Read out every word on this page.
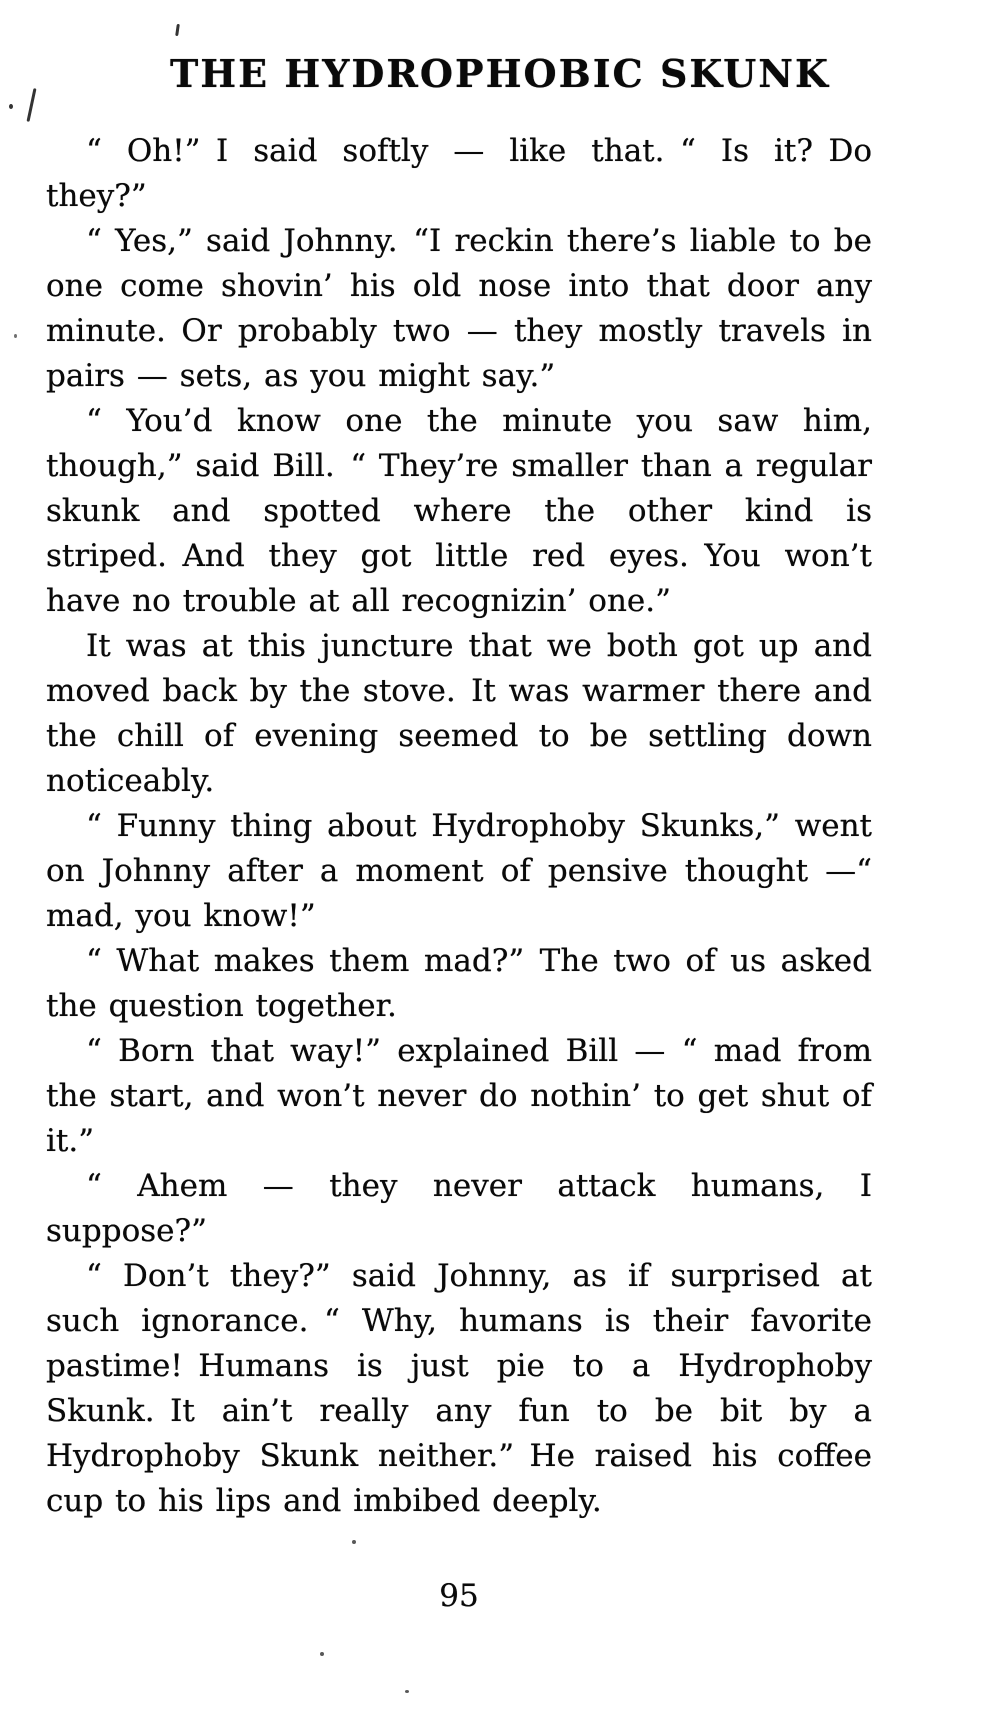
THE HYDROPHOBIC SKUNK

“ Oh!” I said softly — like that. “ Is it? Do they?”

“ Yes,” said Johnny. “I reckin there’s liable to be one come shovin’ his old nose into that door any minute. Or probably two — they mostly travels in pairs — sets, as you might say.”

“ You’d know one the minute you saw him, though,” said Bill. “ They’re smaller than a regular skunk and spotted where the other kind is striped. And they got little red eyes. You won’t have no trouble at all recognizin’ one.”

It was at this juncture that we both got up and moved back by the stove. It was warmer there and the chill of evening seemed to be settling down noticeably.

“ Funny thing about Hydrophoby Skunks,” went on Johnny after a moment of pensive thought —“ mad, you know!”

“ What makes them mad?” The two of us asked the question together.

“ Born that way!” explained Bill — “ mad from the start, and won’t never do nothin’ to get shut of it.”

“ Ahem — they never attack humans, I suppose?”

“ Don’t they?” said Johnny, as if surprised at such ignorance. “ Why, humans is their favorite pastime! Humans is just pie to a Hydrophoby Skunk. It ain’t really any fun to be bit by a Hydrophoby Skunk neither.” He raised his coffee cup to his lips and imbibed deeply.

95
